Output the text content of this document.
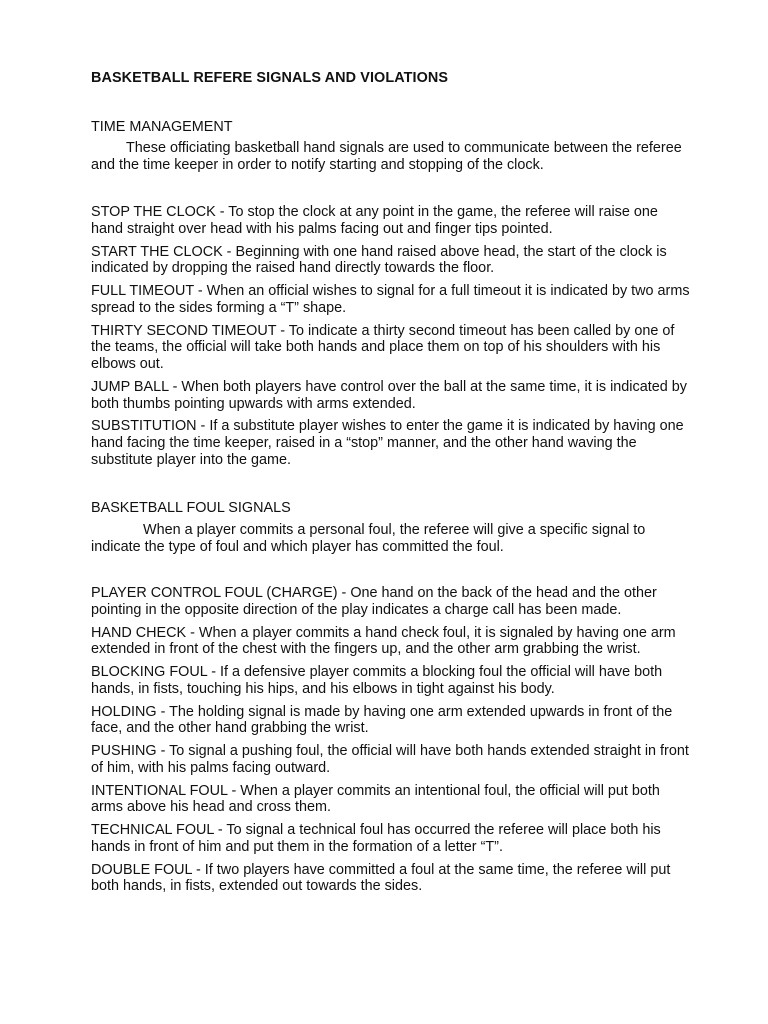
BASKETBALL REFERE SIGNALS AND VIOLATIONS
TIME MANAGEMENT

These officiating basketball hand signals are used to communicate between the referee and the time keeper in order to notify starting and stopping of the clock.

STOP THE CLOCK - To stop the clock at any point in the game, the referee will raise one hand straight over head with his palms facing out and finger tips pointed.

START THE CLOCK - Beginning with one hand raised above head, the start of the clock is indicated by dropping the raised hand directly towards the floor.

FULL TIMEOUT - When an official wishes to signal for a full timeout it is indicated by two arms spread to the sides forming a “T” shape.

THIRTY SECOND TIMEOUT - To indicate a thirty second timeout has been called by one of the teams, the official will take both hands and place them on top of his shoulders with his elbows out.

JUMP BALL - When both players have control over the ball at the same time, it is indicated by both thumbs pointing upwards with arms extended.

SUBSTITUTION - If a substitute player wishes to enter the game it is indicated by having one hand facing the time keeper, raised in a “stop” manner, and the other hand waving the substitute player into the game.

BASKETBALL FOUL SIGNALS

When a player commits a personal foul, the referee will give a specific signal to indicate the type of foul and which player has committed the foul.

PLAYER CONTROL FOUL (CHARGE) - One hand on the back of the head and the other pointing in the opposite direction of the play indicates a charge call has been made.

HAND CHECK - When a player commits a hand check foul, it is signaled by having one arm extended in front of the chest with the fingers up, and the other arm grabbing the wrist.

BLOCKING FOUL - If a defensive player commits a blocking foul the official will have both hands, in fists, touching his hips, and his elbows in tight against his body.

HOLDING - The holding signal is made by having one arm extended upwards in front of the face, and the other hand grabbing the wrist.

PUSHING - To signal a pushing foul, the official will have both hands extended straight in front of him, with his palms facing outward.

INTENTIONAL FOUL - When a player commits an intentional foul, the official will put both arms above his head and cross them.

TECHNICAL FOUL - To signal a technical foul has occurred the referee will place both his hands in front of him and put them in the formation of a letter “T”.

DOUBLE FOUL - If two players have committed a foul at the same time, the referee will put both hands, in fists, extended out towards the sides.
